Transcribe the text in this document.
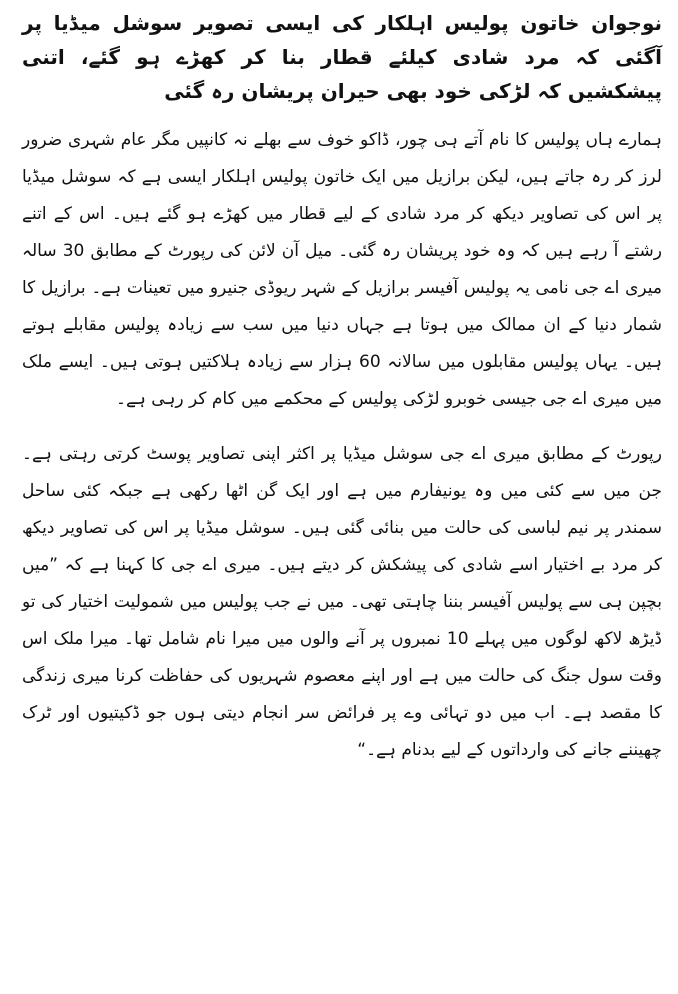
نوجوان خاتون پولیس اہلکار کی ایسی تصویر سوشل میڈیا پر آگئی کہ مرد شادی کیلئے قطار بنا کر کھڑے ہو گئے، اتنی پیشکشیں کہ لڑکی خود بھی حیران پریشان رہ گئی

ہمارے ہاں پولیس کا نام آتے ہی چور، ڈاکو خوف سے بھلے نہ کانپیں مگر عام شہری ضرور لرز کر رہ جاتے ہیں، لیکن برازیل میں ایک خاتون پولیس اہلکار ایسی ہے کہ سوشل میڈیا پر اس کی تصاویر دیکھ کر مرد شادی کے لیے قطار میں کھڑے ہو گئے ہیں۔ اس کے اتنے رشتے آ رہے ہیں کہ وہ خود پریشان رہ گئی۔ میل آن لائن کی رپورٹ کے مطابق 30 سالہ میری اے جی نامی یہ پولیس آفیسر برازیل کے شہر ریوڈی جنیرو میں تعینات ہے۔ برازیل کا شمار دنیا کے ان ممالک میں ہوتا ہے جہاں دنیا میں سب سے زیادہ پولیس مقابلے ہوتے ہیں۔ یہاں پولیس مقابلوں میں سالانہ 60 ہزار سے زیادہ ہلاکتیں ہوتی ہیں۔ ایسے ملک میں میری اے جی جیسی خوبرو لڑکی پولیس کے محکمے میں کام کر رہی ہے۔

رپورٹ کے مطابق میری اے جی سوشل میڈیا پر اکثر اپنی تصاویر پوسٹ کرتی رہتی ہے۔ جن میں سے کئی میں وہ یونیفارم میں ہے اور ایک گن اٹھا رکھی ہے جبکہ کئی ساحل سمندر پر نیم لباسی کی حالت میں بنائی گئی ہیں۔ سوشل میڈیا پر اس کی تصاویر دیکھ کر مرد بے اختیار اسے شادی کی پیشکش کر دیتے ہیں۔ میری اے جی کا کہنا ہے کہ ”میں بچپن ہی سے پولیس آفیسر بننا چاہتی تھی۔ میں نے جب پولیس میں شمولیت اختیار کی تو ڈیڑھ لاکھ لوگوں میں پہلے 10 نمبروں پر آنے والوں میں میرا نام شامل تھا۔ میرا ملک اس وقت سول جنگ کی حالت میں ہے اور اپنے معصوم شہریوں کی حفاظت کرنا میری زندگی کا مقصد ہے۔ اب میں دو تہائی وے پر فرائض سر انجام دیتی ہوں جو ڈکیتیوں اور ٹرک چھیننے جانے کی وارداتوں کے لیے بدنام ہے۔“
